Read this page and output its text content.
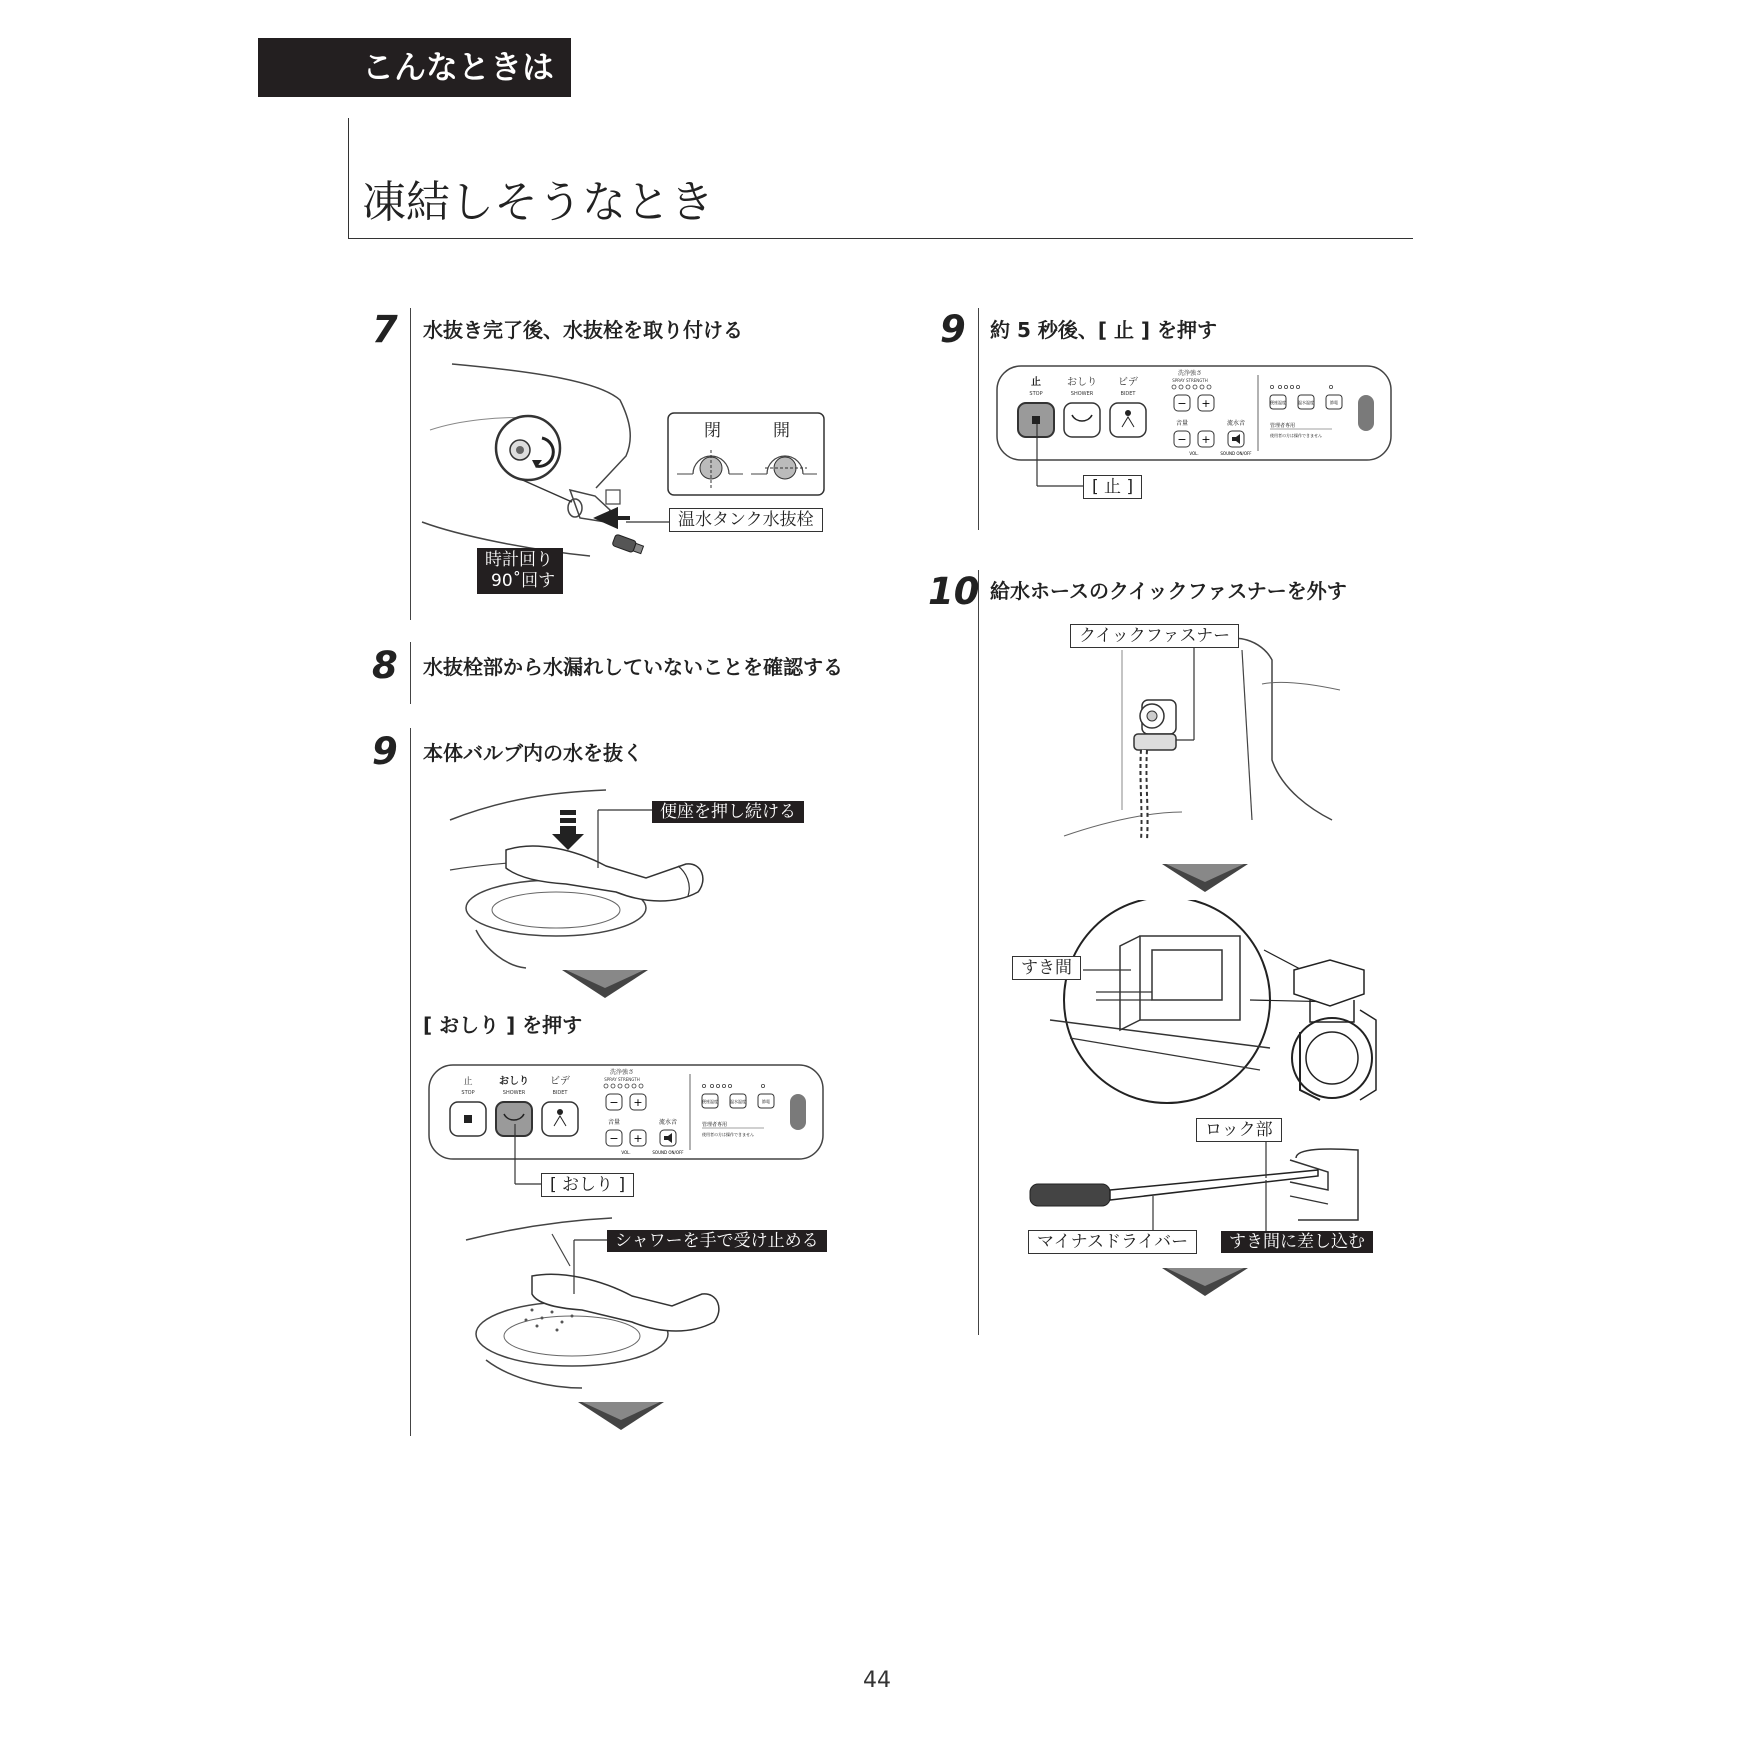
こんなときは
凍結しそうなとき
7 水抜き完了後、水抜栓を取り付ける
閉	開
温水タンク水抜栓
時計回り
90˚回す
8 水抜栓部から水漏れしていないことを確認する
9 本体バルブ内の水を抜く
便座を押し続ける
[ おしり ] を押す
止
STOP
おしり
SHOWER
ビデ
BIDET
洗浄強さ
SPRAY STRENGTH
− +
音量	流水音
− +
VOL.	SOUND ON/OFF
便座温度	温水温度	節電
管理者専用
使用者の方は操作できません
[ おしり ]
シャワーを手で受け止める
9 約 5 秒後、[ 止 ] を押す
止
STOP
おしり
SHOWER
ビデ
BIDET
洗浄強さ
SPRAY STRENGTH
− +
音量	流水音
− +
VOL.	SOUND ON/OFF
便座温度	温水温度	節電
管理者専用
使用者の方は操作できません
[ 止 ]
10 給水ホースのクイックファスナーを外す
クイックファスナー
すき間
ロック部
マイナスドライバー	すき間に差し込む
44
